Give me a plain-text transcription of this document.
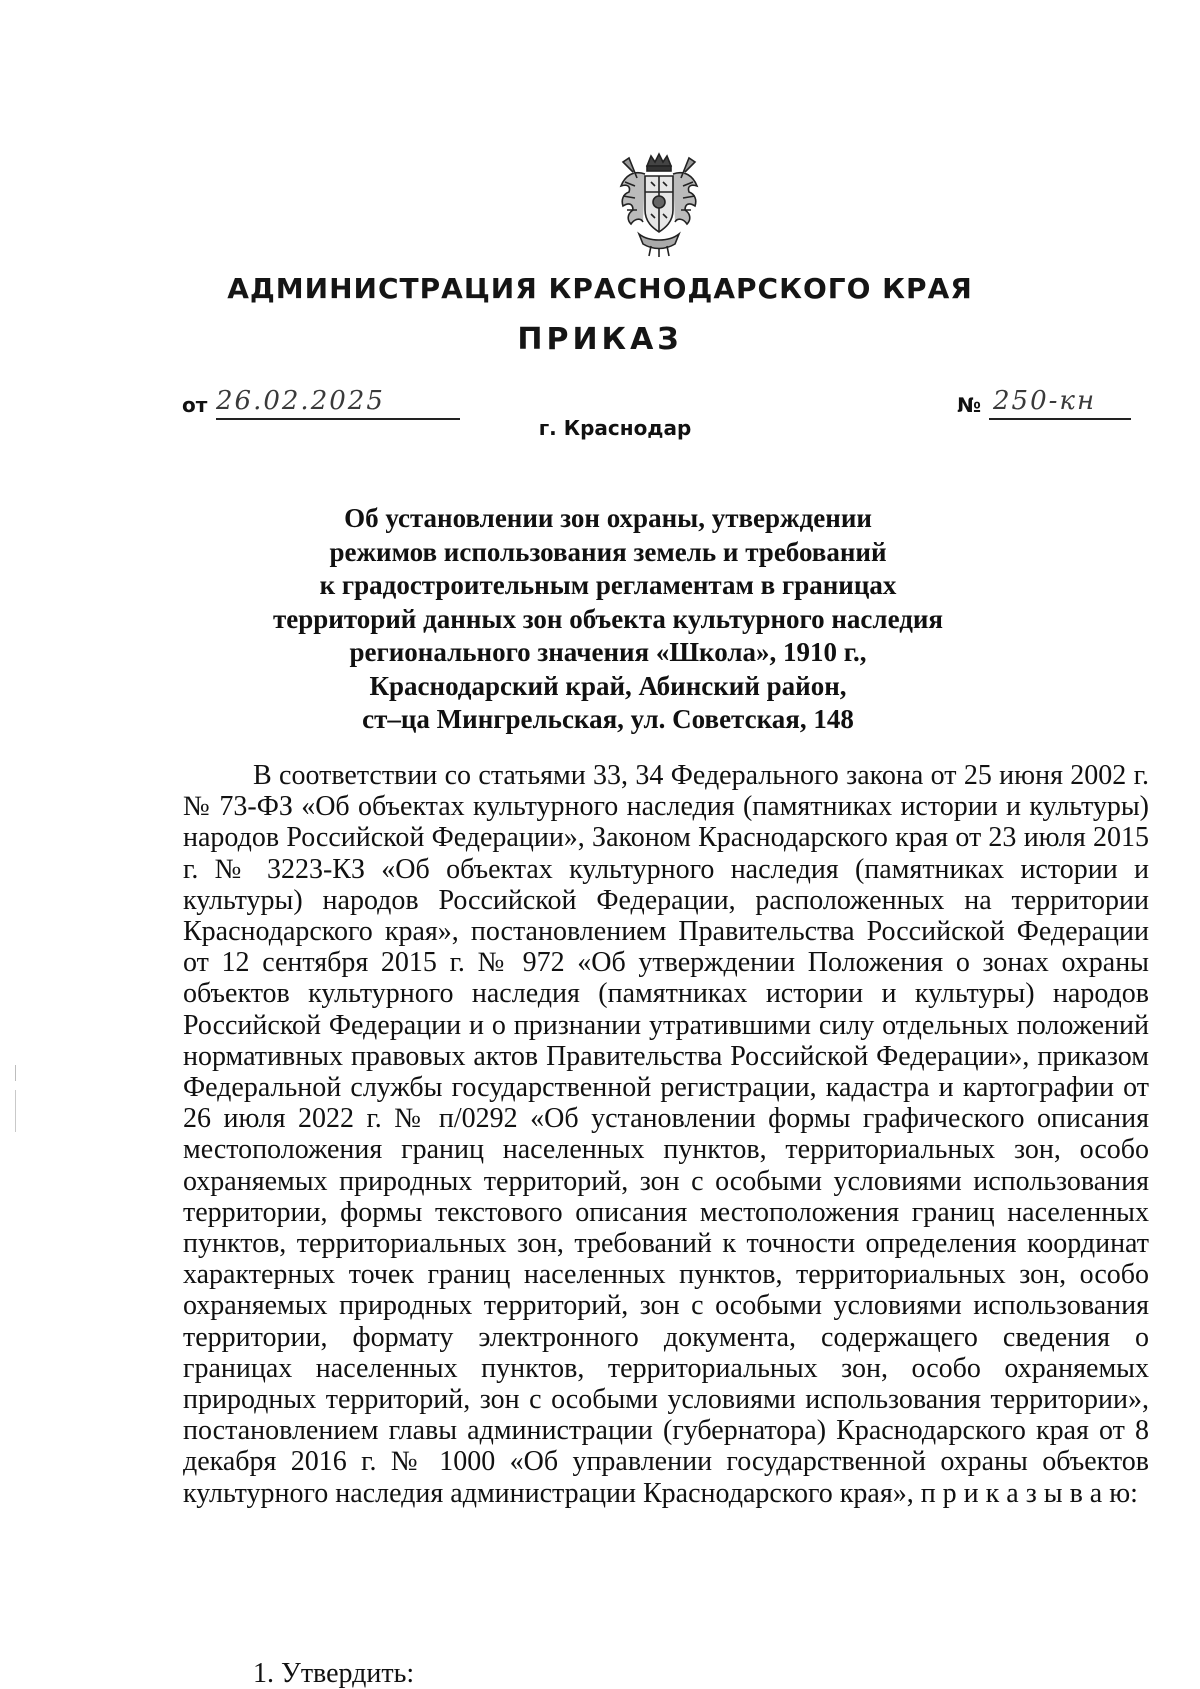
АДМИНИСТРАЦИЯ КРАСНОДАРСКОГО КРАЯ
ПРИКАЗ
от 26.02.2025	№ 250-кн
г. Краснодар
Об установлении зон охраны, утверждении
режимов использования земель и требований
к градостроительным регламентам в границах
территорий данных зон объекта культурного наследия
регионального значения «Школа», 1910 г.,
Краснодарский край, Абинский район,
ст–ца Мингрельская, ул. Советская, 148

В соответствии со статьями 33, 34 Федерального закона от 25 июня 2002 г. № 73-ФЗ «Об объектах культурного наследия (памятниках истории и культуры) народов Российской Федерации», Законом Краснодарского края от 23 июля 2015 г. № 3223-КЗ «Об объектах культурного наследия (памятниках истории и культуры) народов Российской Федерации, расположенных на территории Краснодарского края», постановлением Правительства Российской Федерации от 12 сентября 2015 г. № 972 «Об утверждении Положения о зонах охраны объектов культурного наследия (памятниках истории и культуры) народов Российской Федерации и о признании утратившими силу отдельных положений нормативных правовых актов Правительства Российской Федерации», приказом Федеральной службы государственной регистрации, кадастра и картографии от 26 июля 2022 г. № п/0292 «Об установлении формы графического описания местоположения границ населенных пунктов, территориальных зон, особо охраняемых природных территорий, зон с особыми условиями использования территории, формы текстового описания местоположения границ населенных пунктов, территориальных зон, требований к точности определения координат характерных точек границ населенных пунктов, территориальных зон, особо охраняемых природных территорий, зон с особыми условиями использования территории, формату электронного документа, содержащего сведения о границах населенных пунктов, территориальных зон, особо охраняемых природных территорий, зон с особыми условиями использования территории», постановлением главы администрации (губернатора) Краснодарского края от 8 декабря 2016 г. № 1000 «Об управлении государственной охраны объектов культурного наследия администрации Краснодарского края», п р и к а з ы в а ю:

1. Утвердить:
